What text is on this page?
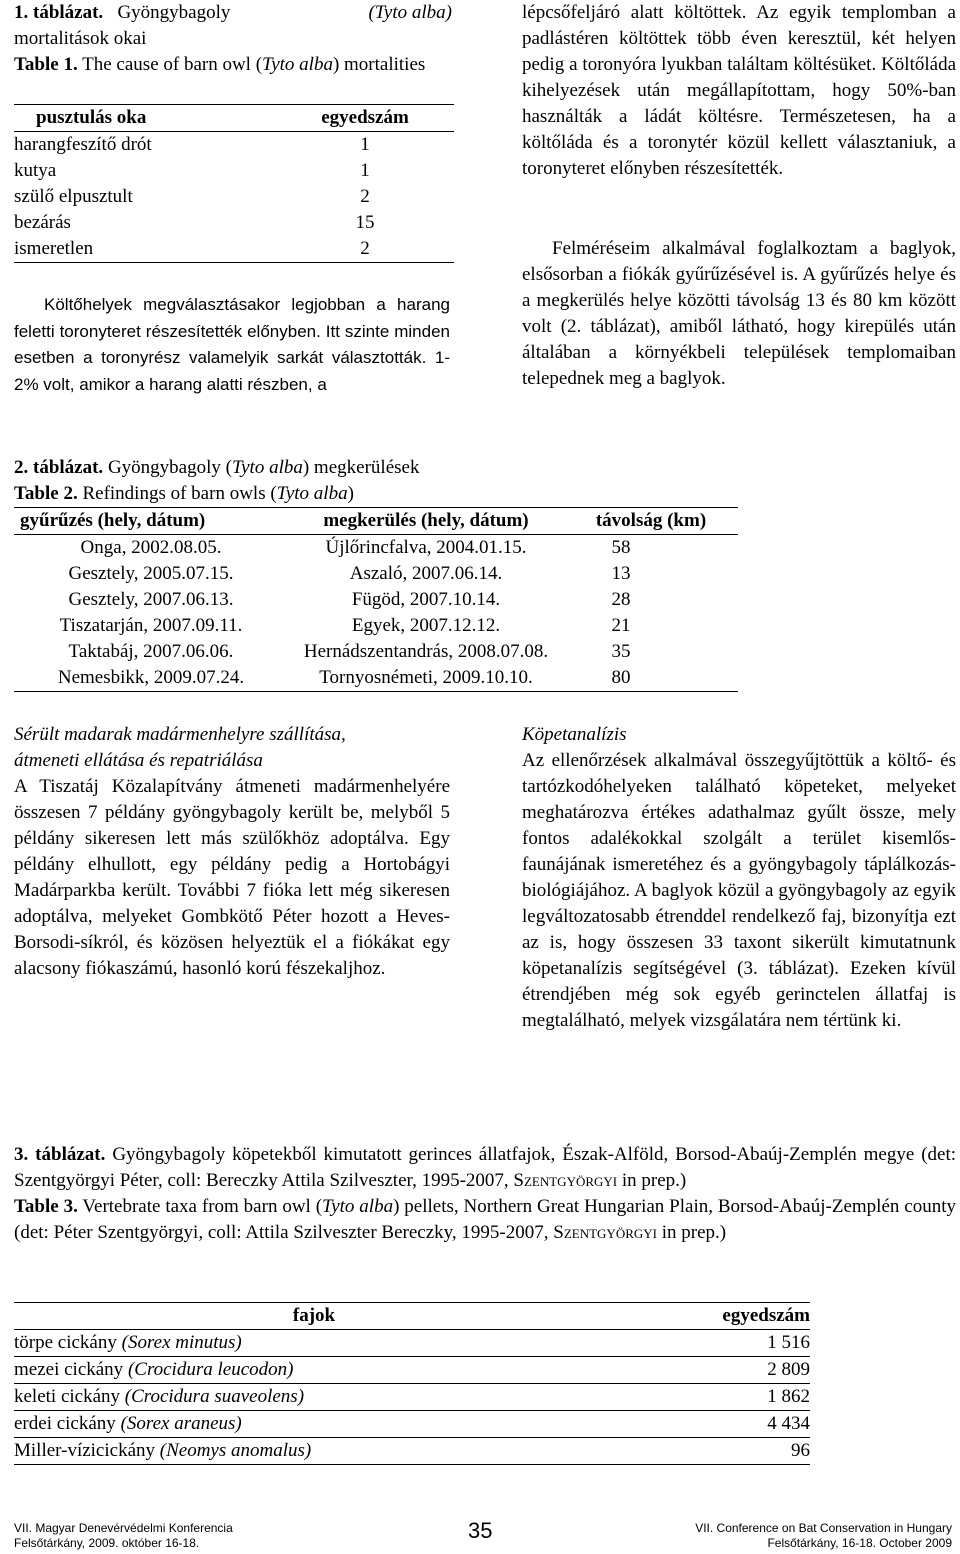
1. táblázat. Gyöngybagoly	(Tyto alba)
mortalitások okai
Table 1. The cause of barn owl (Tyto alba) mortalities
pusztulás oka	egyedszám
harangfeszítő drót	1
kutya	1
szülő elpusztult	2
bezárás	15
ismeretlen	2
Költőhelyek megválasztásakor legjobban a harang feletti toronyteret részesítették előnyben. Itt szinte minden esetben a toronyrész valamelyik sarkát választották. 1-2% volt, amikor a harang alatti részben, a
lépcsőfeljáró alatt költöttek. Az egyik templomban a padlástéren költöttek több éven keresztül, két helyen pedig a toronyóra lyukban találtam költésüket. Költőláda kihelyezések után megállapítottam, hogy 50%-ban használták a ládát költésre. Természetesen, ha a költőláda és a toronytér közül kellett választaniuk, a toronyteret előnyben részesítették.
Felméréseim alkalmával foglalkoztam a baglyok, elsősorban a fiókák gyűrűzésével is. A gyűrűzés helye és a megkerülés helye közötti távolság 13 és 80 km között volt (2. táblázat), amiből látható, hogy kirepülés után általában a környékbeli települések templomaiban telepednek meg a baglyok.
2. táblázat. Gyöngybagoly (Tyto alba) megkerülések
Table 2. Refindings of barn owls (Tyto alba)
gyűrűzés (hely, dátum)	megkerülés (hely, dátum)	távolság (km)
Onga, 2002.08.05.	Újlőrincfalva, 2004.01.15.	58
Gesztely, 2005.07.15.	Aszaló, 2007.06.14.	13
Gesztely, 2007.06.13.	Fügöd, 2007.10.14.	28
Tiszatarján, 2007.09.11.	Egyek, 2007.12.12.	21
Taktabáj, 2007.06.06.	Hernádszentandrás, 2008.07.08.	35
Nemesbikk, 2009.07.24.	Tornyosnémeti, 2009.10.10.	80
Sérült madarak madármenhelyre szállítása,
átmeneti ellátása és repatriálása
A Tiszatáj Közalapítvány átmeneti madármenhelyére összesen 7 példány gyöngybagoly került be, melyből 5 példány sikeresen lett más szülőkhöz adoptálva. Egy példány elhullott, egy példány pedig a Hortobágyi Madárparkba került. További 7 fióka lett még sikeresen adoptálva, melyeket Gombkötő Péter hozott a Heves-Borsodi-síkról, és közösen helyeztük el a fiókákat egy alacsony fiókaszámú, hasonló korú fészekaljhoz.
Köpetanalízis
Az ellenőrzések alkalmával összegyűjtöttük a költő- és tartózkodóhelyeken található köpeteket, melyeket meghatározva értékes adathalmaz gyűlt össze, mely fontos adalékokkal szolgált a terület kisemlős-faunájának ismeretéhez és a gyöngybagoly táplálkozás-biológiájához. A baglyok közül a gyöngybagoly az egyik legváltozatosabb étrenddel rendelkező faj, bizonyítja ezt az is, hogy összesen 33 taxont sikerült kimutatnunk köpetanalízis segítségével (3. táblázat). Ezeken kívül étrendjében még sok egyéb gerinctelen állatfaj is megtalálható, melyek vizsgálatára nem tértünk ki.
3. táblázat. Gyöngybagoly köpetekből kimutatott gerinces állatfajok, Észak-Alföld, Borsod-Abaúj-Zemplén megye (det: Szentgyörgyi Péter, coll: Bereczky Attila Szilveszter, 1995-2007, Szentgyörgyi in prep.)
Table 3. Vertebrate taxa from barn owl (Tyto alba) pellets, Northern Great Hungarian Plain, Borsod-Abaúj-Zemplén county (det: Péter Szentgyörgyi, coll: Attila Szilveszter Bereczky, 1995-2007, Szentgyörgyi in prep.)
fajok	egyedszám
törpe cickány (Sorex minutus)	1 516
mezei cickány (Crocidura leucodon)	2 809
keleti cickány (Crocidura suaveolens)	1 862
erdei cickány (Sorex araneus)	4 434
Miller-vízicickány (Neomys anomalus)	96
VII. Magyar Denevérvédelmi Konferencia
Felsőtárkány, 2009. október 16-18.	35	VII. Conference on Bat Conservation in Hungary
Felsőtárkány, 16-18. October 2009
